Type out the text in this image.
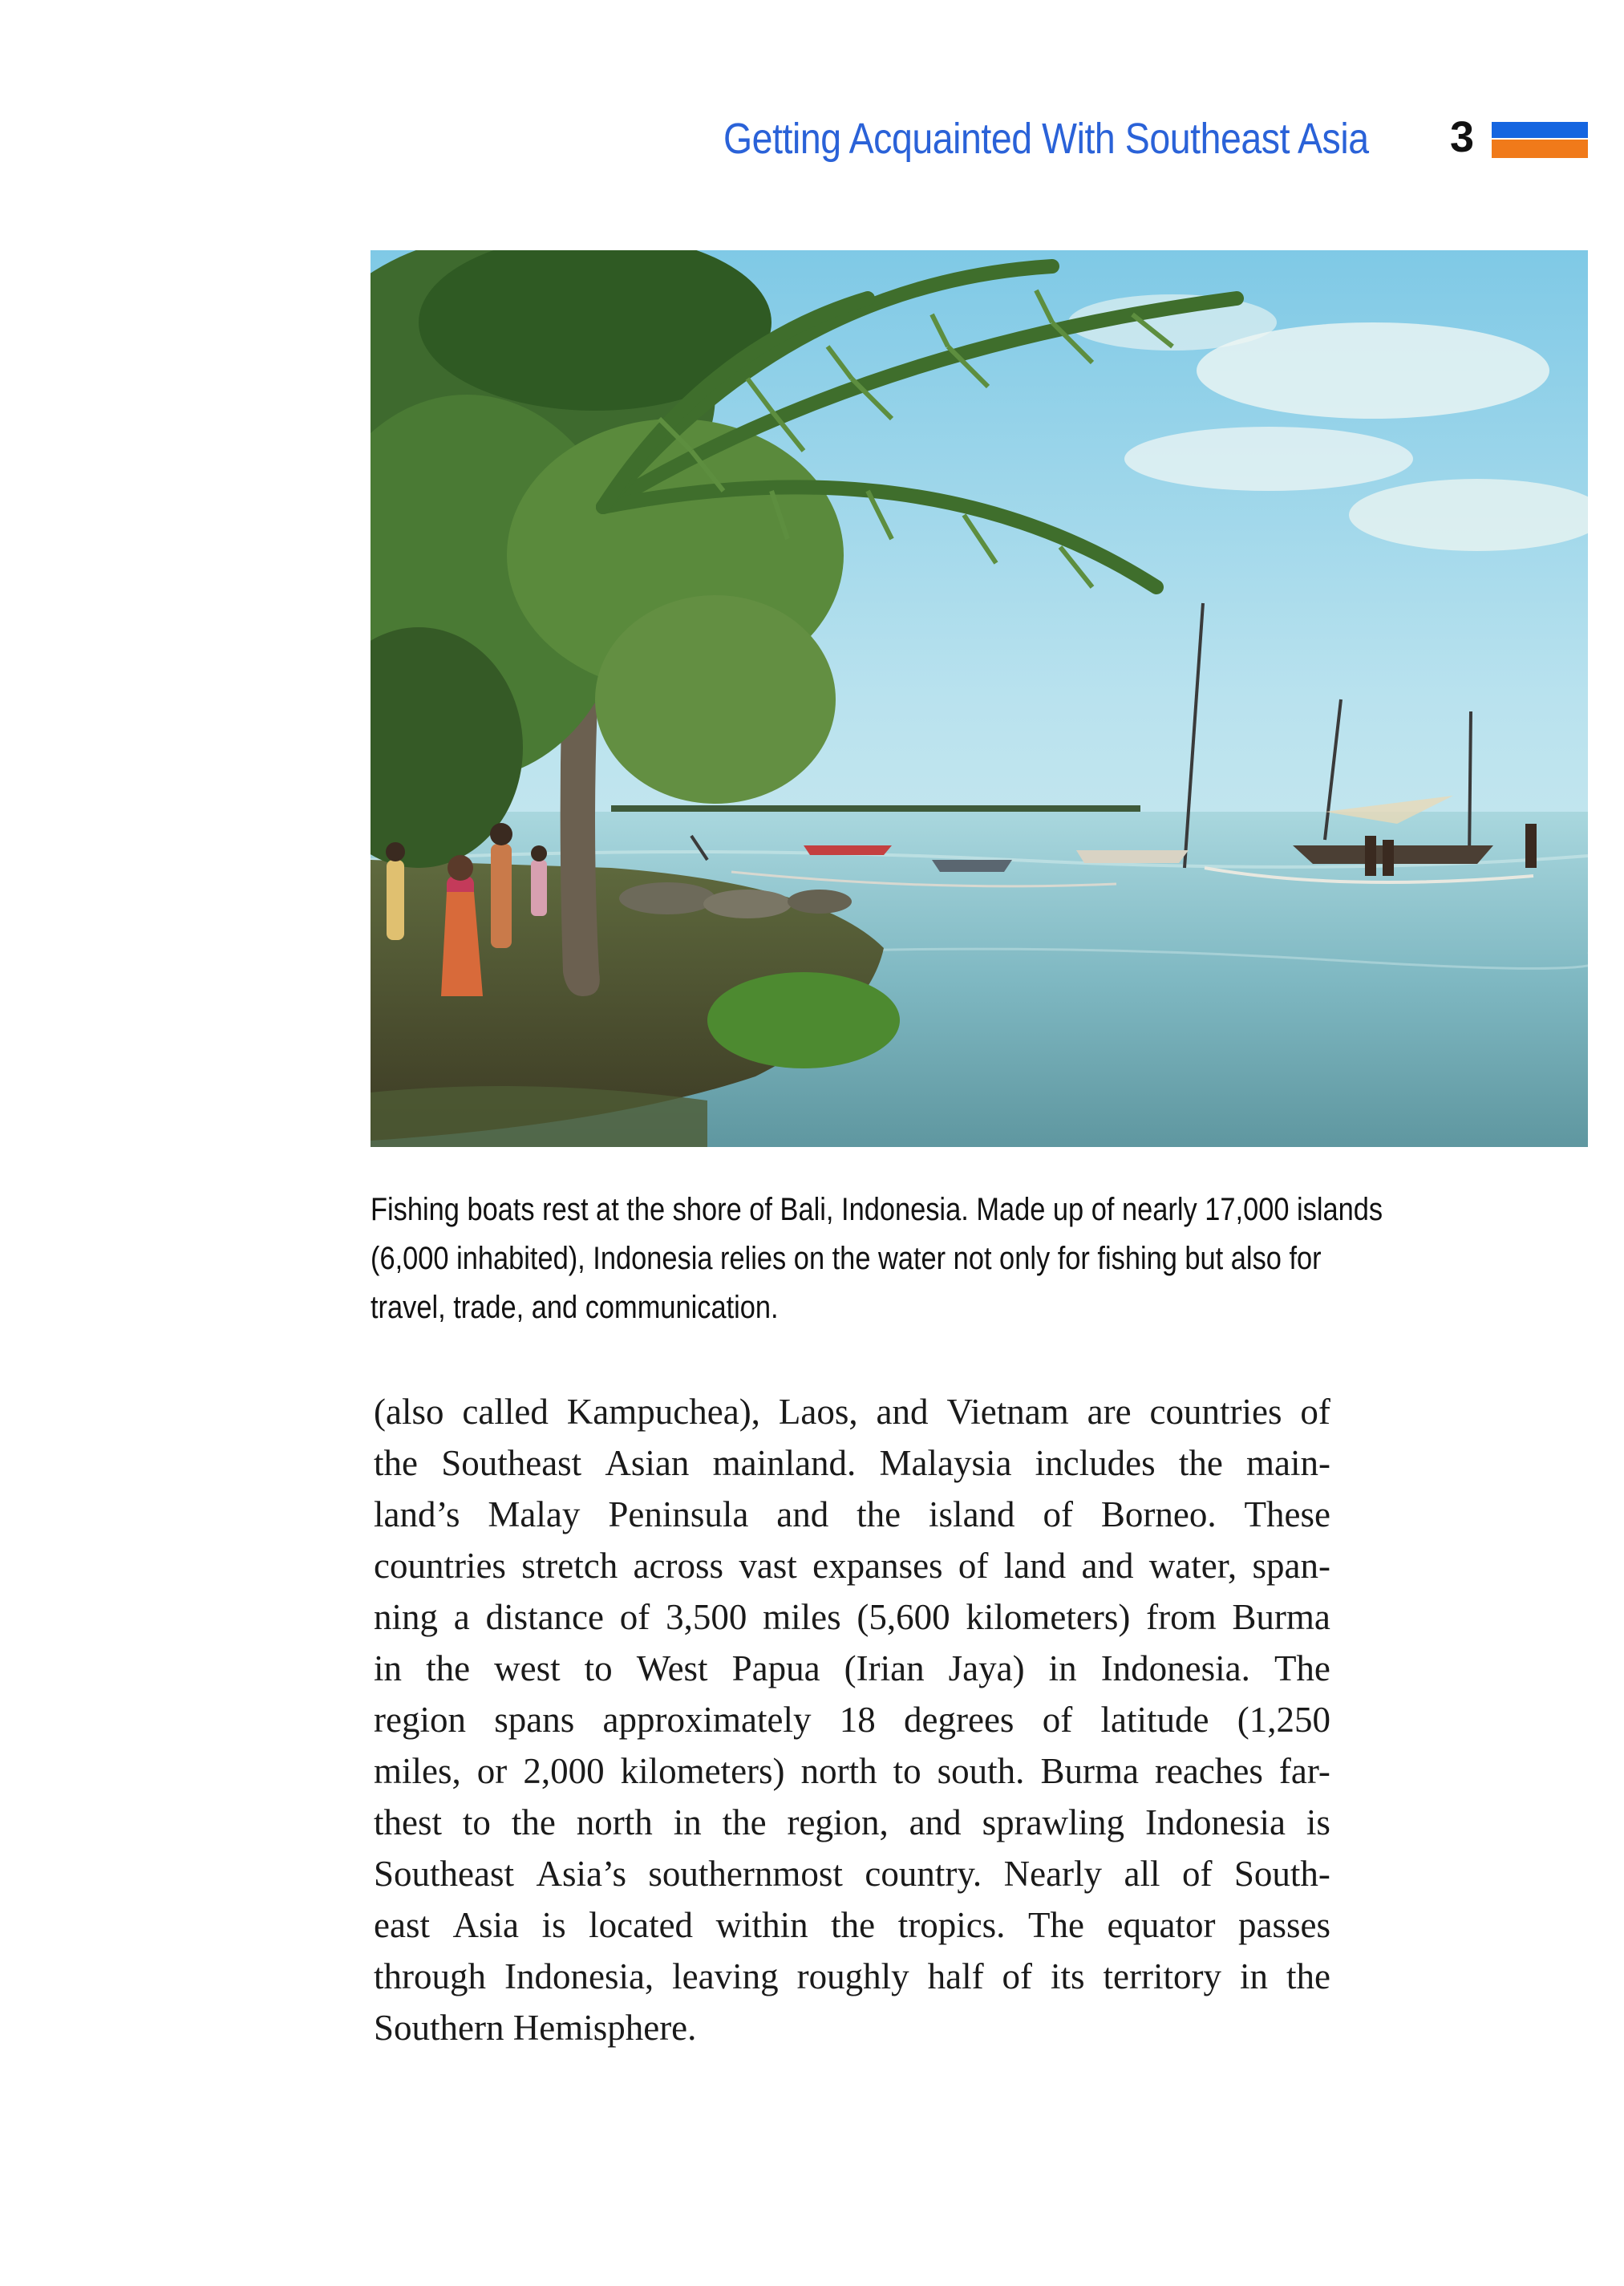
Getting Acquainted With Southeast Asia 3
Fishing boats rest at the shore of Bali, Indonesia. Made up of nearly 17,000 islands
(6,000 inhabited), Indonesia relies on the water not only for fishing but also for
travel, trade, and communication.
(also called Kampuchea), Laos, and Vietnam are countries of
the Southeast Asian mainland. Malaysia includes the main-
land’s Malay Peninsula and the island of Borneo. These
countries stretch across vast expanses of land and water, span-
ning a distance of 3,500 miles (5,600 kilometers) from Burma
in the west to West Papua (Irian Jaya) in Indonesia. The
region spans approximately 18 degrees of latitude (1,250
miles, or 2,000 kilometers) north to south. Burma reaches far-
thest to the north in the region, and sprawling Indonesia is
Southeast Asia’s southernmost country. Nearly all of South-
east Asia is located within the tropics. The equator passes
through Indonesia, leaving roughly half of its territory in the
Southern Hemisphere.
